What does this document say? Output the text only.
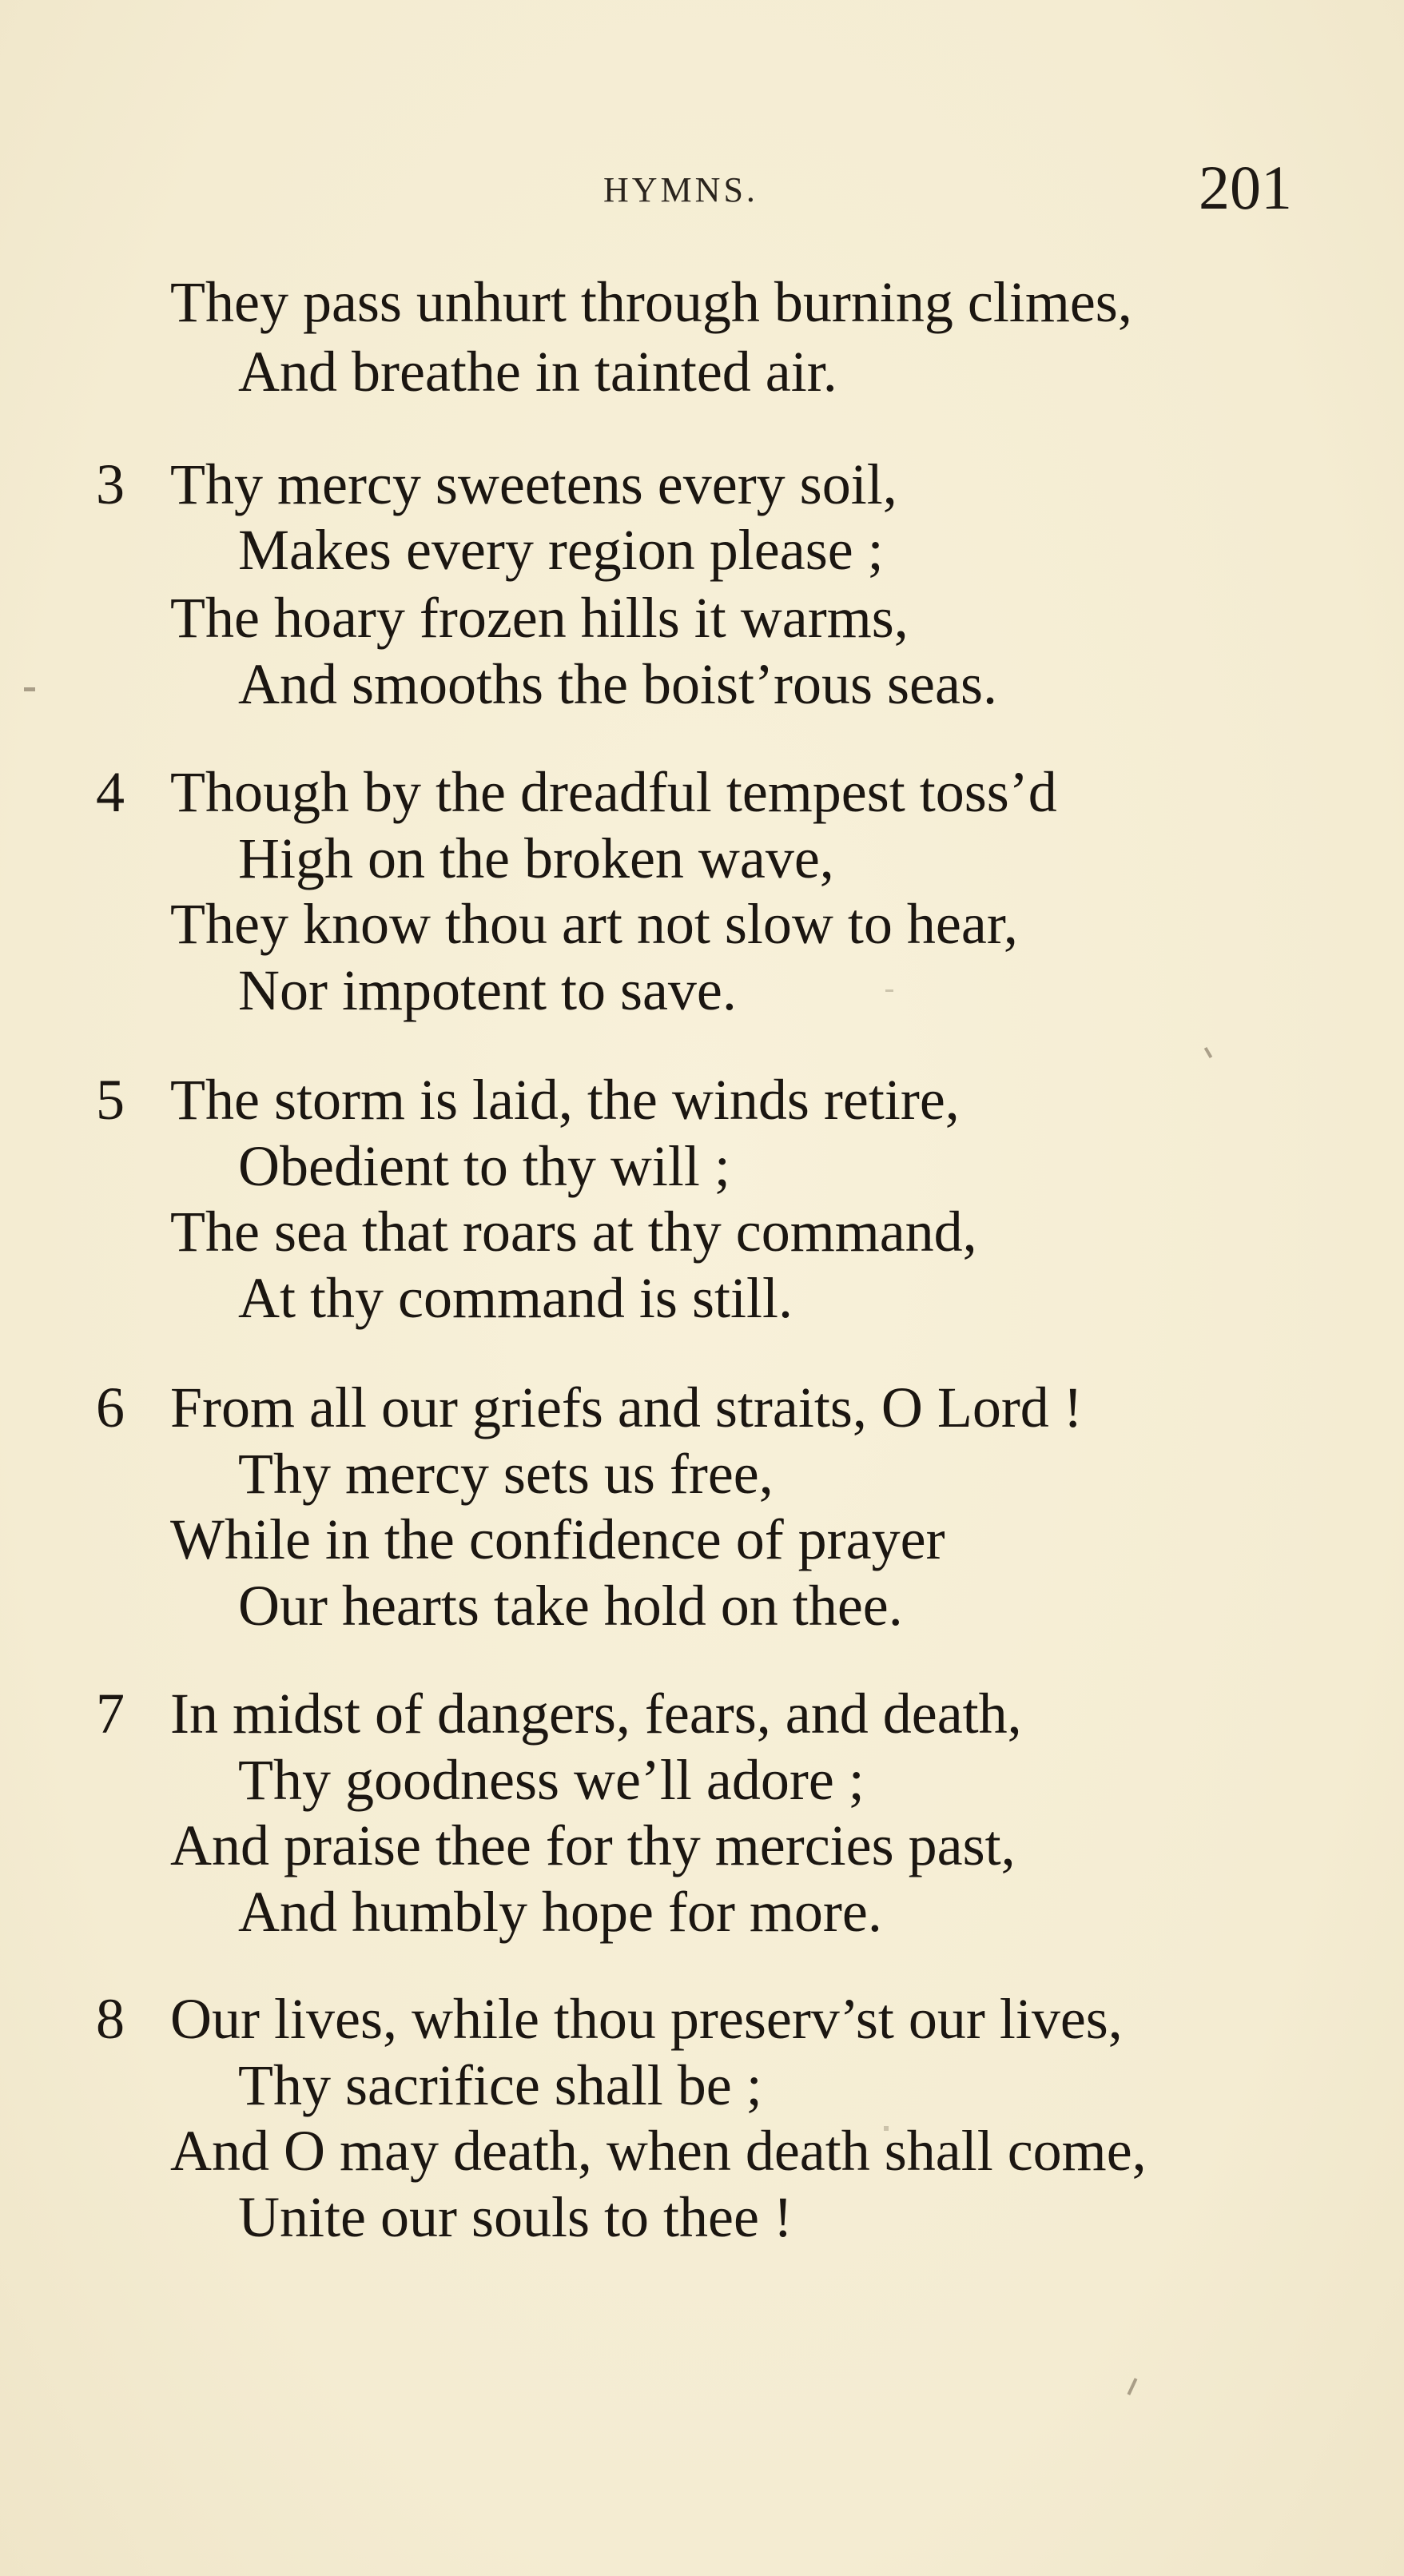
HYMNS.	201
They pass unhurt through burning climes,
And breathe in tainted air.
3 Thy mercy sweetens every soil,
Makes every region please ;
The hoary frozen hills it warms,
And smooths the boist’rous seas.
4 Though by the dreadful tempest toss’d
High on the broken wave,
They know thou art not slow to hear,
Nor impotent to save.
5 The storm is laid, the winds retire,
Obedient to thy will ;
The sea that roars at thy command,
At thy command is still.
6 From all our griefs and straits, O Lord !
Thy mercy sets us free,
While in the confidence of prayer
Our hearts take hold on thee.
7 In midst of dangers, fears, and death,
Thy goodness we’ll adore ;
And praise thee for thy mercies past,
And humbly hope for more.
8 Our lives, while thou preserv’st our lives,
Thy sacrifice shall be ;
And O may death, when death shall come,
Unite our souls to thee !
